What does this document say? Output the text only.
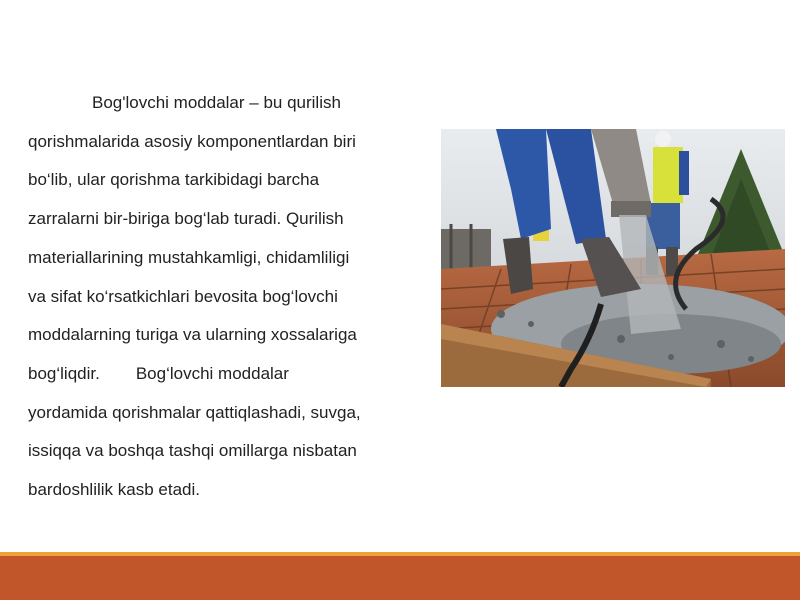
Bog'lovchi moddalar – bu qurilish

qorishmalarida asosiy komponentlardan biri

bo‘lib, ular qorishma tarkibidagi barcha

zarralarni bir-biriga bog‘lab turadi. Qurilish

materiallarining mustahkamligi, chidamliligi

va sifat ko‘rsatkichlari bevosita bog‘lovchi

moddalarning turiga va ularning xossalariga

bog‘liqdir. Bog‘lovchi moddalar

yordamida qorishmalar qattiqlashadi, suvga,

issiqqa va boshqa tashqi omillarga nisbatan

bardoshlilik kasb etadi.
